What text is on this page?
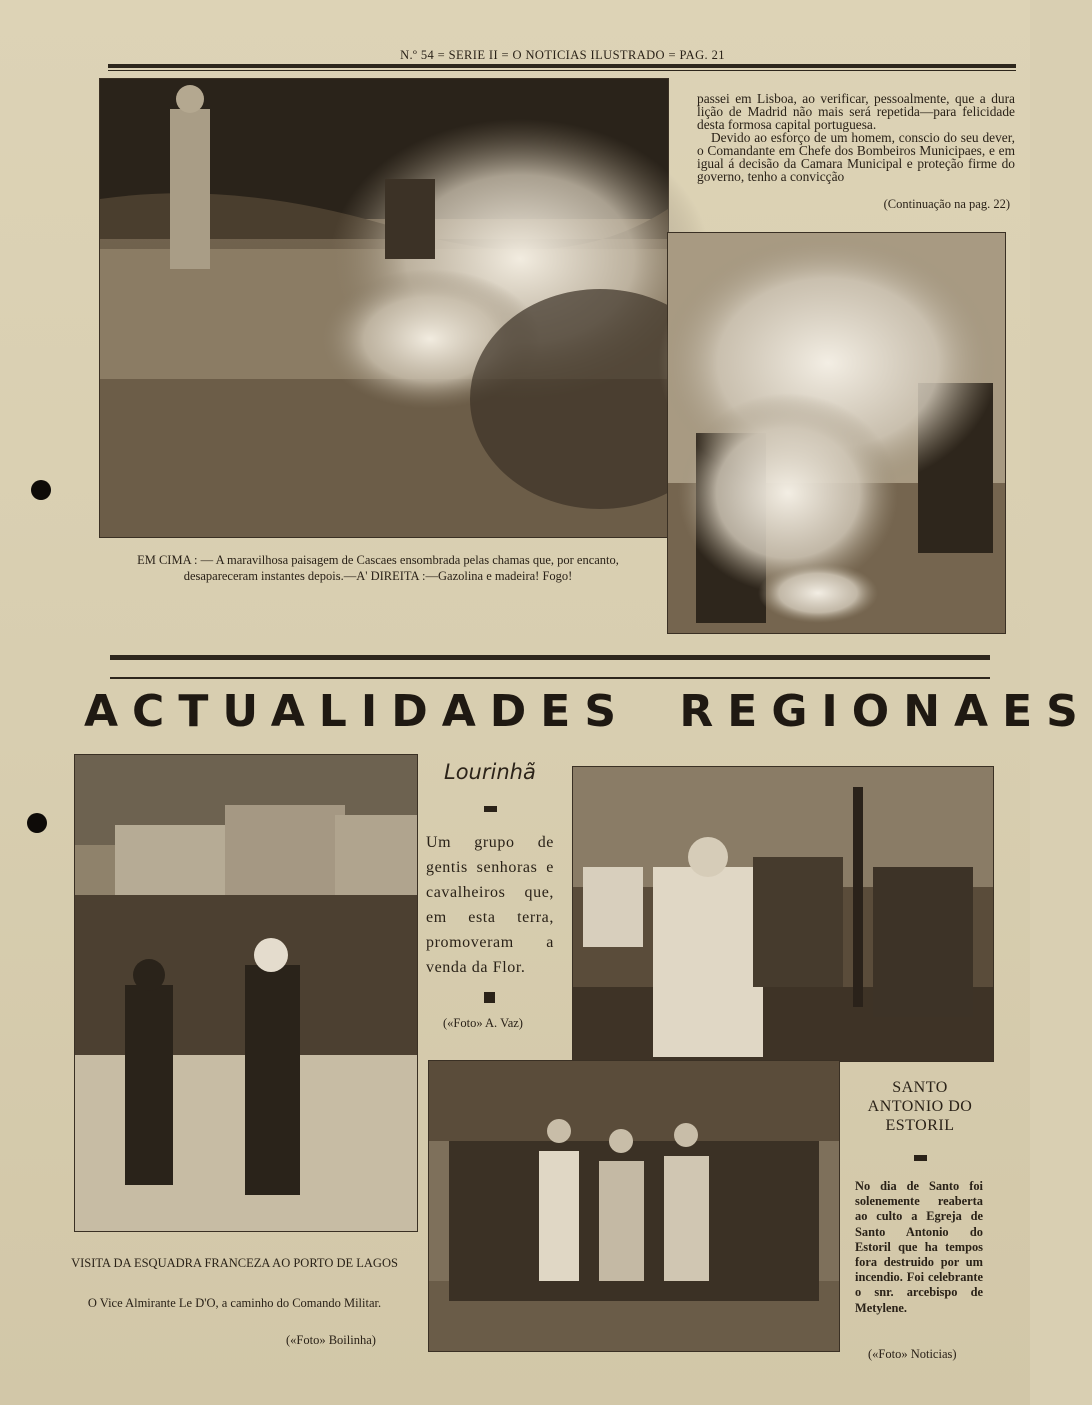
N.º 54 = SERIE II = O NOTICIAS ILUSTRADO = PAG. 21

passei em Lisboa, ao verificar, pessoalmente, que a dura lição de Madrid não mais será repetida—para felicidade desta formosa capital portuguesa.

Devido ao esforço de um homem, conscio do seu dever, o Comandante em Chefe dos Bombeiros Municipaes, e em igual á decisão da Camara Municipal e proteção firme do governo, tenho a convicção

(Continuação na pag. 22)
EM CIMA : — A maravilhosa paisagem de Cascaes ensombrada pelas chamas que, por encanto, desapareceram instantes depois.—A' DIREITA :—Gazolina e madeira! Fogo!
ACTUALIDADES REGIONAES
VISITA DA ESQUADRA FRANCEZA AO PORTO DE LAGOS
O Vice Almirante Le D'O, a caminho do Comando Militar.
(«Foto» Boilinha)
Lourinhã
Um grupo de gentis senhoras e cavalheiros que, em esta terra, promoveram a venda da Flor.
(«Foto» A. Vaz)
SANTO ANTONIO DO ESTORIL
No dia de Santo foi solenemente reaberta ao culto a Egreja de Santo Antonio do Estoril que ha tempos fora destruido por um incendio. Foi celebrante o snr. arcebispo de Metylene.
(«Foto» Noticias)
